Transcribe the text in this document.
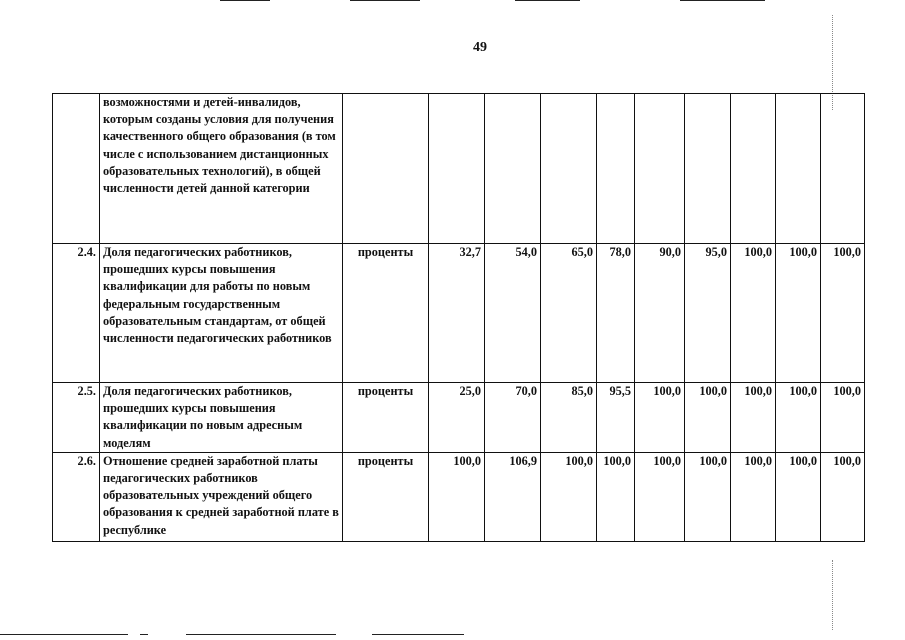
49
	возможностями и детей-инвалидов, которым созданы условия для получения качественного общего образования (в том числе с использованием дистанционных образовательных технологий), в общей численности детей данной категории										
2.4.	Доля педагогических работников, прошедших курсы повышения квалификации для работы по новым федеральным государственным образовательным стандартам, от общей численности педагогических работников	проценты	32,7	54,0	65,0	78,0	90,0	95,0	100,0	100,0	100,0
2.5.	Доля педагогических работников, прошедших курсы повышения квалификации по новым адресным моделям	проценты	25,0	70,0	85,0	95,5	100,0	100,0	100,0	100,0	100,0
2.6.	Отношение средней заработной платы педагогических работников образовательных учреждений общего образования к средней заработной плате в республике	проценты	100,0	106,9	100,0	100,0	100,0	100,0	100,0	100,0	100,0
